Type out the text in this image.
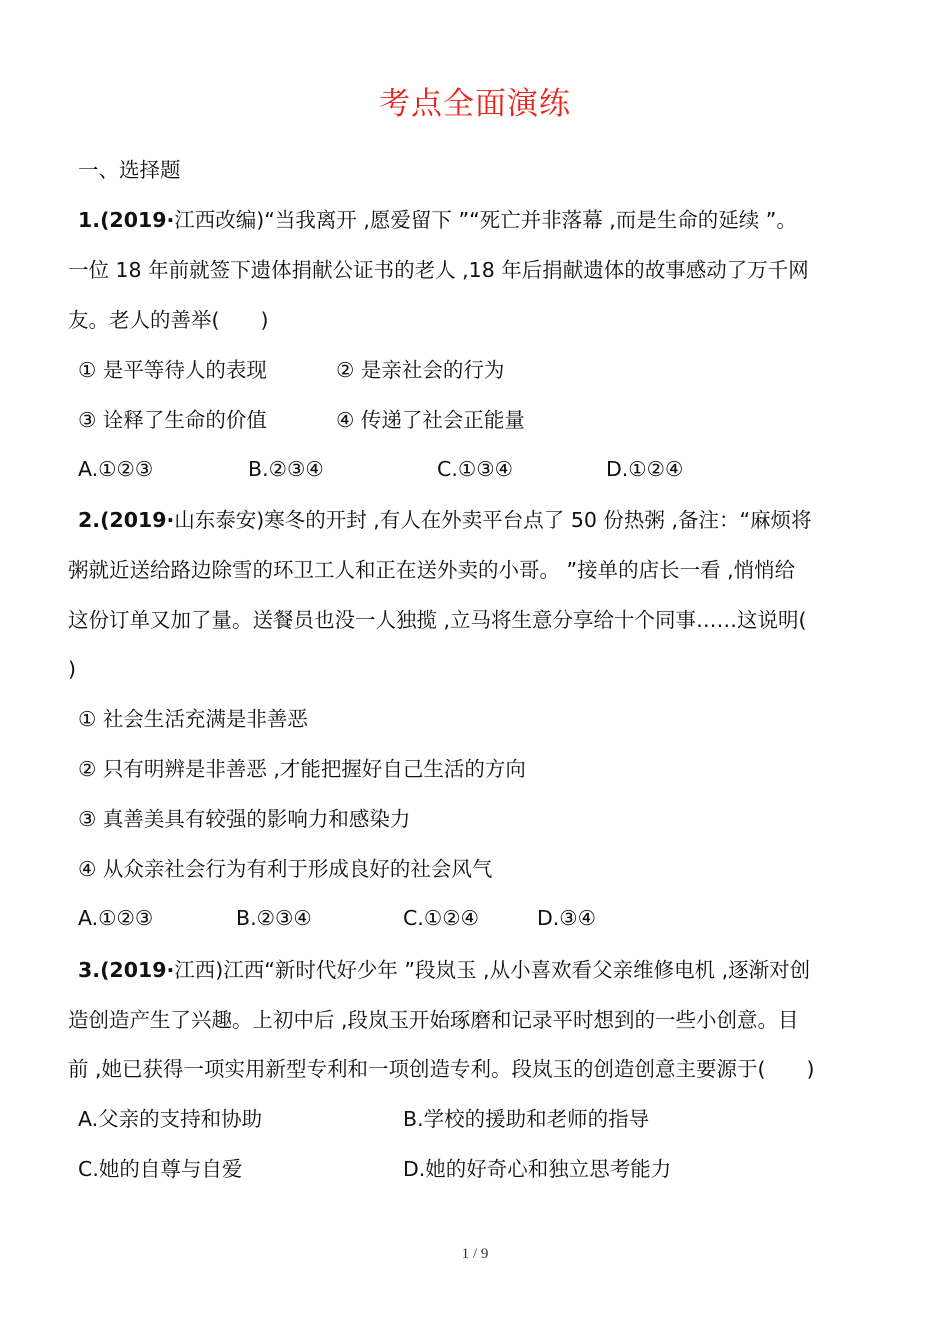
考点全面演练
一、选择题
1.(2019·江西改编)“当我离开 ,愿爱留下 ”“死亡并非落幕 ,而是生命的延续 ”。
一位 18 年前就签下遗体捐献公证书的老人 ,18 年后捐献遗体的故事感动了万千网
友。老人的善举(　　)
① 是平等待人的表现	② 是亲社会的行为
③ 诠释了生命的价值	④ 传递了社会正能量
A.①②③	B.②③④	C.①③④	D.①②④
2.(2019·山东泰安)寒冬的开封 ,有人在外卖平台点了 50 份热粥 ,备注：“麻烦将
粥就近送给路边除雪的环卫工人和正在送外卖的小哥。 ”接单的店长一看 ,悄悄给
这份订单又加了量。送餐员也没一人独揽 ,立马将生意分享给十个同事……这说明(
)
① 社会生活充满是非善恶
② 只有明辨是非善恶 ,才能把握好自己生活的方向
③ 真善美具有较强的影响力和感染力
④ 从众亲社会行为有利于形成良好的社会风气
A.①②③	B.②③④	C.①②④	D.③④
3.(2019·江西)江西“新时代好少年 ”段岚玉 ,从小喜欢看父亲维修电机 ,逐渐对创
造创造产生了兴趣。上初中后 ,段岚玉开始琢磨和记录平时想到的一些小创意。目
前 ,她已获得一项实用新型专利和一项创造专利。段岚玉的创造创意主要源于(　　)
A.父亲的支持和协助	B.学校的援助和老师的指导
C.她的自尊与自爱	D.她的好奇心和独立思考能力
1 / 9
